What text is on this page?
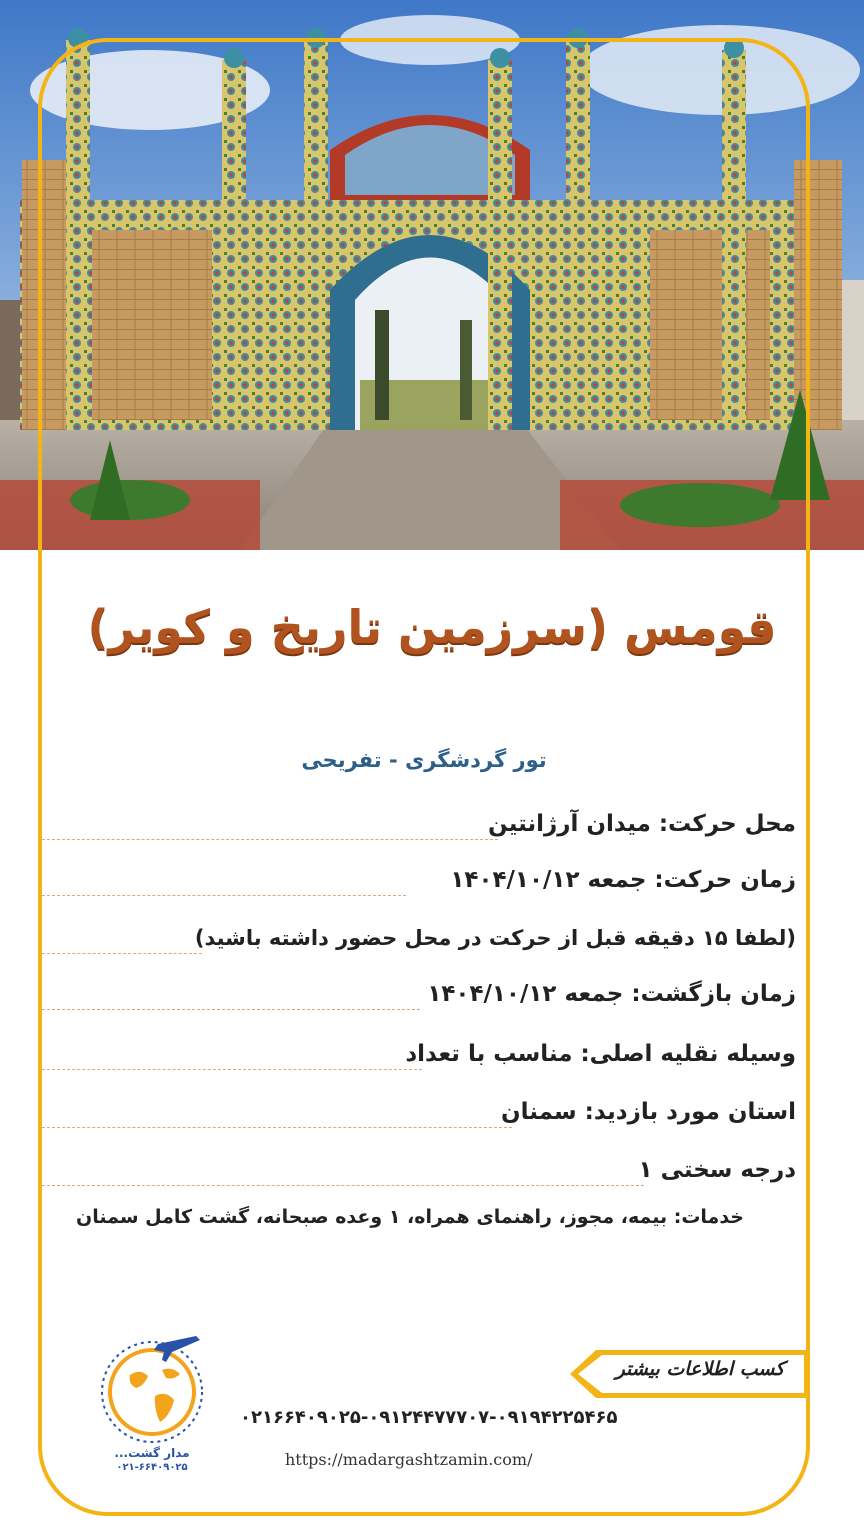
قومس (سرزمین تاریخ و کویر)
تور گردشگری - تفریحی
محل حرکت: میدان آرژانتین
زمان حرکت: جمعه ۱۴۰۴/۱۰/۱۲
(لطفا ۱۵ دقیقه قبل از حرکت در محل حضور داشته باشید)
زمان بازگشت: جمعه ۱۴۰۴/۱۰/۱۲
وسیله نقلیه اصلی: مناسب با تعداد
استان مورد بازدید: سمنان
درجه سختی ۱
خدمات: بیمه، مجوز، راهنمای همراه، ۱ وعده صبحانه، گشت کامل سمنان
کسب اطلاعات بیشتر
۰۲۱۶۶۴۰۹۰۲۵-۰۹۱۲۴۴۷۷۷۰۷-۰۹۱۹۴۲۲۵۴۶۵
https://madargashtzamin.com/
مدار گشت...
۰۲۱-۶۶۴۰۹۰۲۵
